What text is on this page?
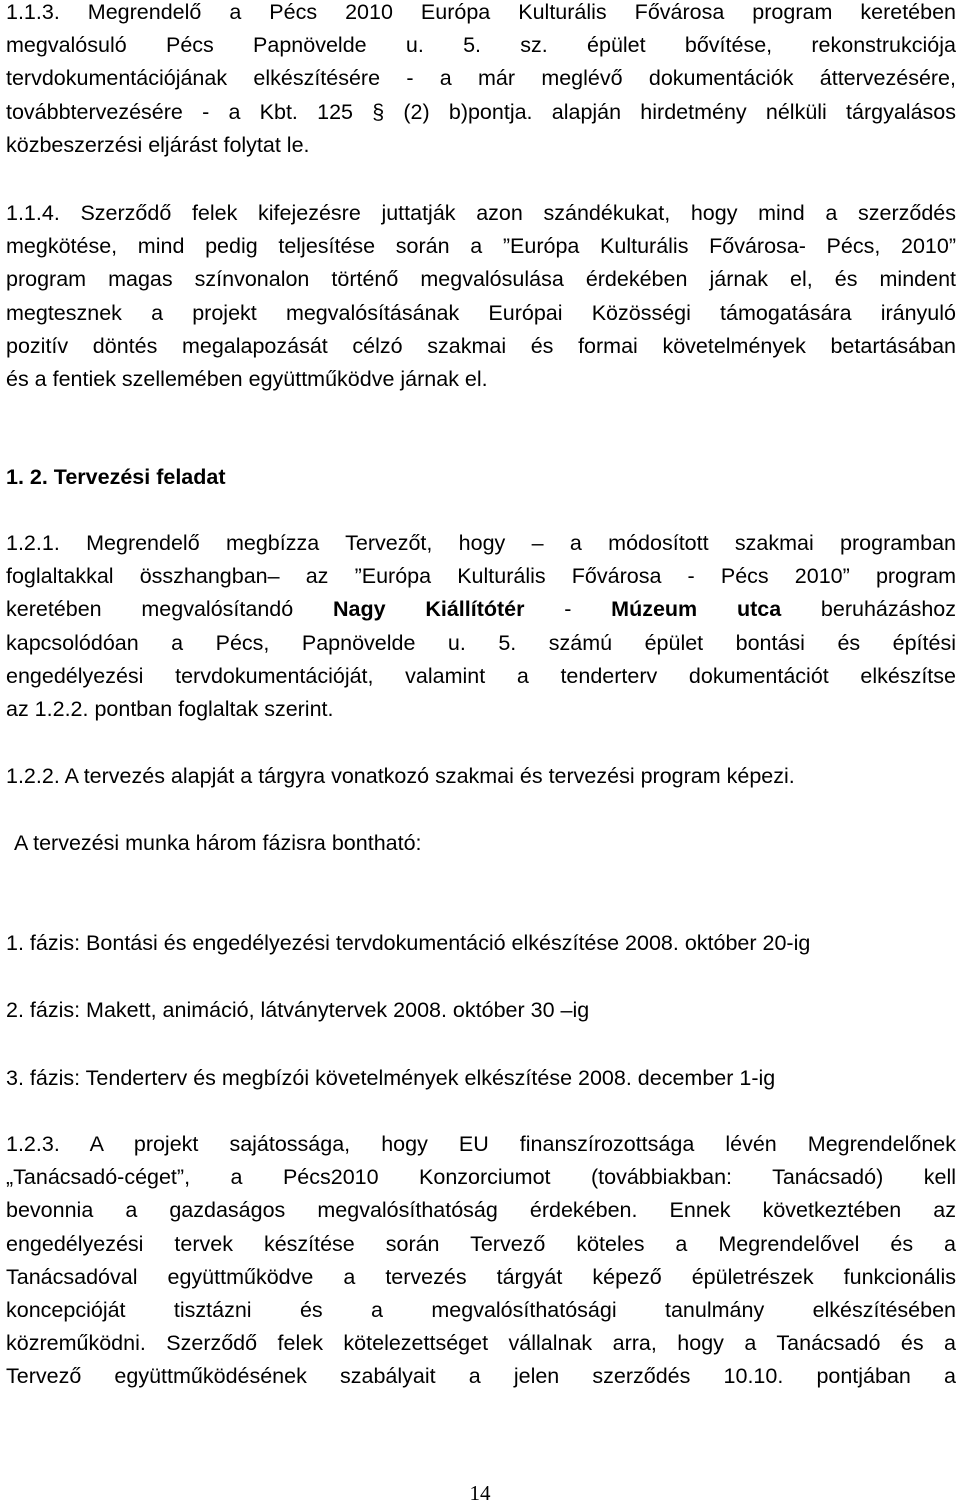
1.1.3. Megrendelő a Pécs 2010 Európa Kulturális Fővárosa program keretében
megvalósuló Pécs Papnövelde u. 5. sz. épület bővítése, rekonstrukciója
tervdokumentációjának elkészítésére - a már meglévő dokumentációk áttervezésére,
továbbtervezésére - a Kbt. 125 § (2) b)pontja. alapján hirdetmény nélküli tárgyalásos
közbeszerzési eljárást folytat le.
1.1.4. Szerződő felek kifejezésre juttatják azon szándékukat, hogy mind a szerződés
megkötése, mind pedig teljesítése során a ”Európa Kulturális Fővárosa- Pécs, 2010”
program magas színvonalon történő megvalósulása érdekében járnak el, és mindent
megtesznek a projekt megvalósításának Európai Közösségi támogatására irányuló
pozitív döntés megalapozását célzó szakmai és formai követelmények betartásában
és a fentiek szellemében együttműködve járnak el.
1. 2. Tervezési feladat
1.2.1. Megrendelő megbízza Tervezőt, hogy – a módosított szakmai programban
foglaltakkal összhangban– az ”Európa Kulturális Fővárosa - Pécs 2010” program
keretében megvalósítandó Nagy Kiállítótér - Múzeum utca beruházáshoz
kapcsolódóan a Pécs, Papnövelde u. 5. számú épület bontási és építési
engedélyezési tervdokumentációját, valamint a tenderterv dokumentációt elkészítse
az 1.2.2. pontban foglaltak szerint.
1.2.2. A tervezés alapját a tárgyra vonatkozó szakmai és tervezési program képezi.
A tervezési munka három fázisra bontható:
1. fázis: Bontási és engedélyezési tervdokumentáció elkészítése 2008. október 20-ig
2. fázis: Makett, animáció, látványtervek 2008. október 30 –ig
3. fázis: Tenderterv és megbízói követelmények elkészítése 2008. december 1-ig
1.2.3. A projekt sajátossága, hogy EU finanszírozottsága lévén Megrendelőnek
„Tanácsadó-céget”, a Pécs2010 Konzorciumot (továbbiakban: Tanácsadó) kell
bevonnia a gazdaságos megvalósíthatóság érdekében. Ennek következtében az
engedélyezési tervek készítése során Tervező köteles a Megrendelővel és a
Tanácsadóval együttműködve a tervezés tárgyát képező épületrészek funkcionális
koncepcióját tisztázni és a megvalósíthatósági tanulmány elkészítésében
közreműködni. Szerződő felek kötelezettséget vállalnak arra, hogy a Tanácsadó és a
Tervező együttműködésének szabályait a jelen szerződés 10.10. pontjában a
14
